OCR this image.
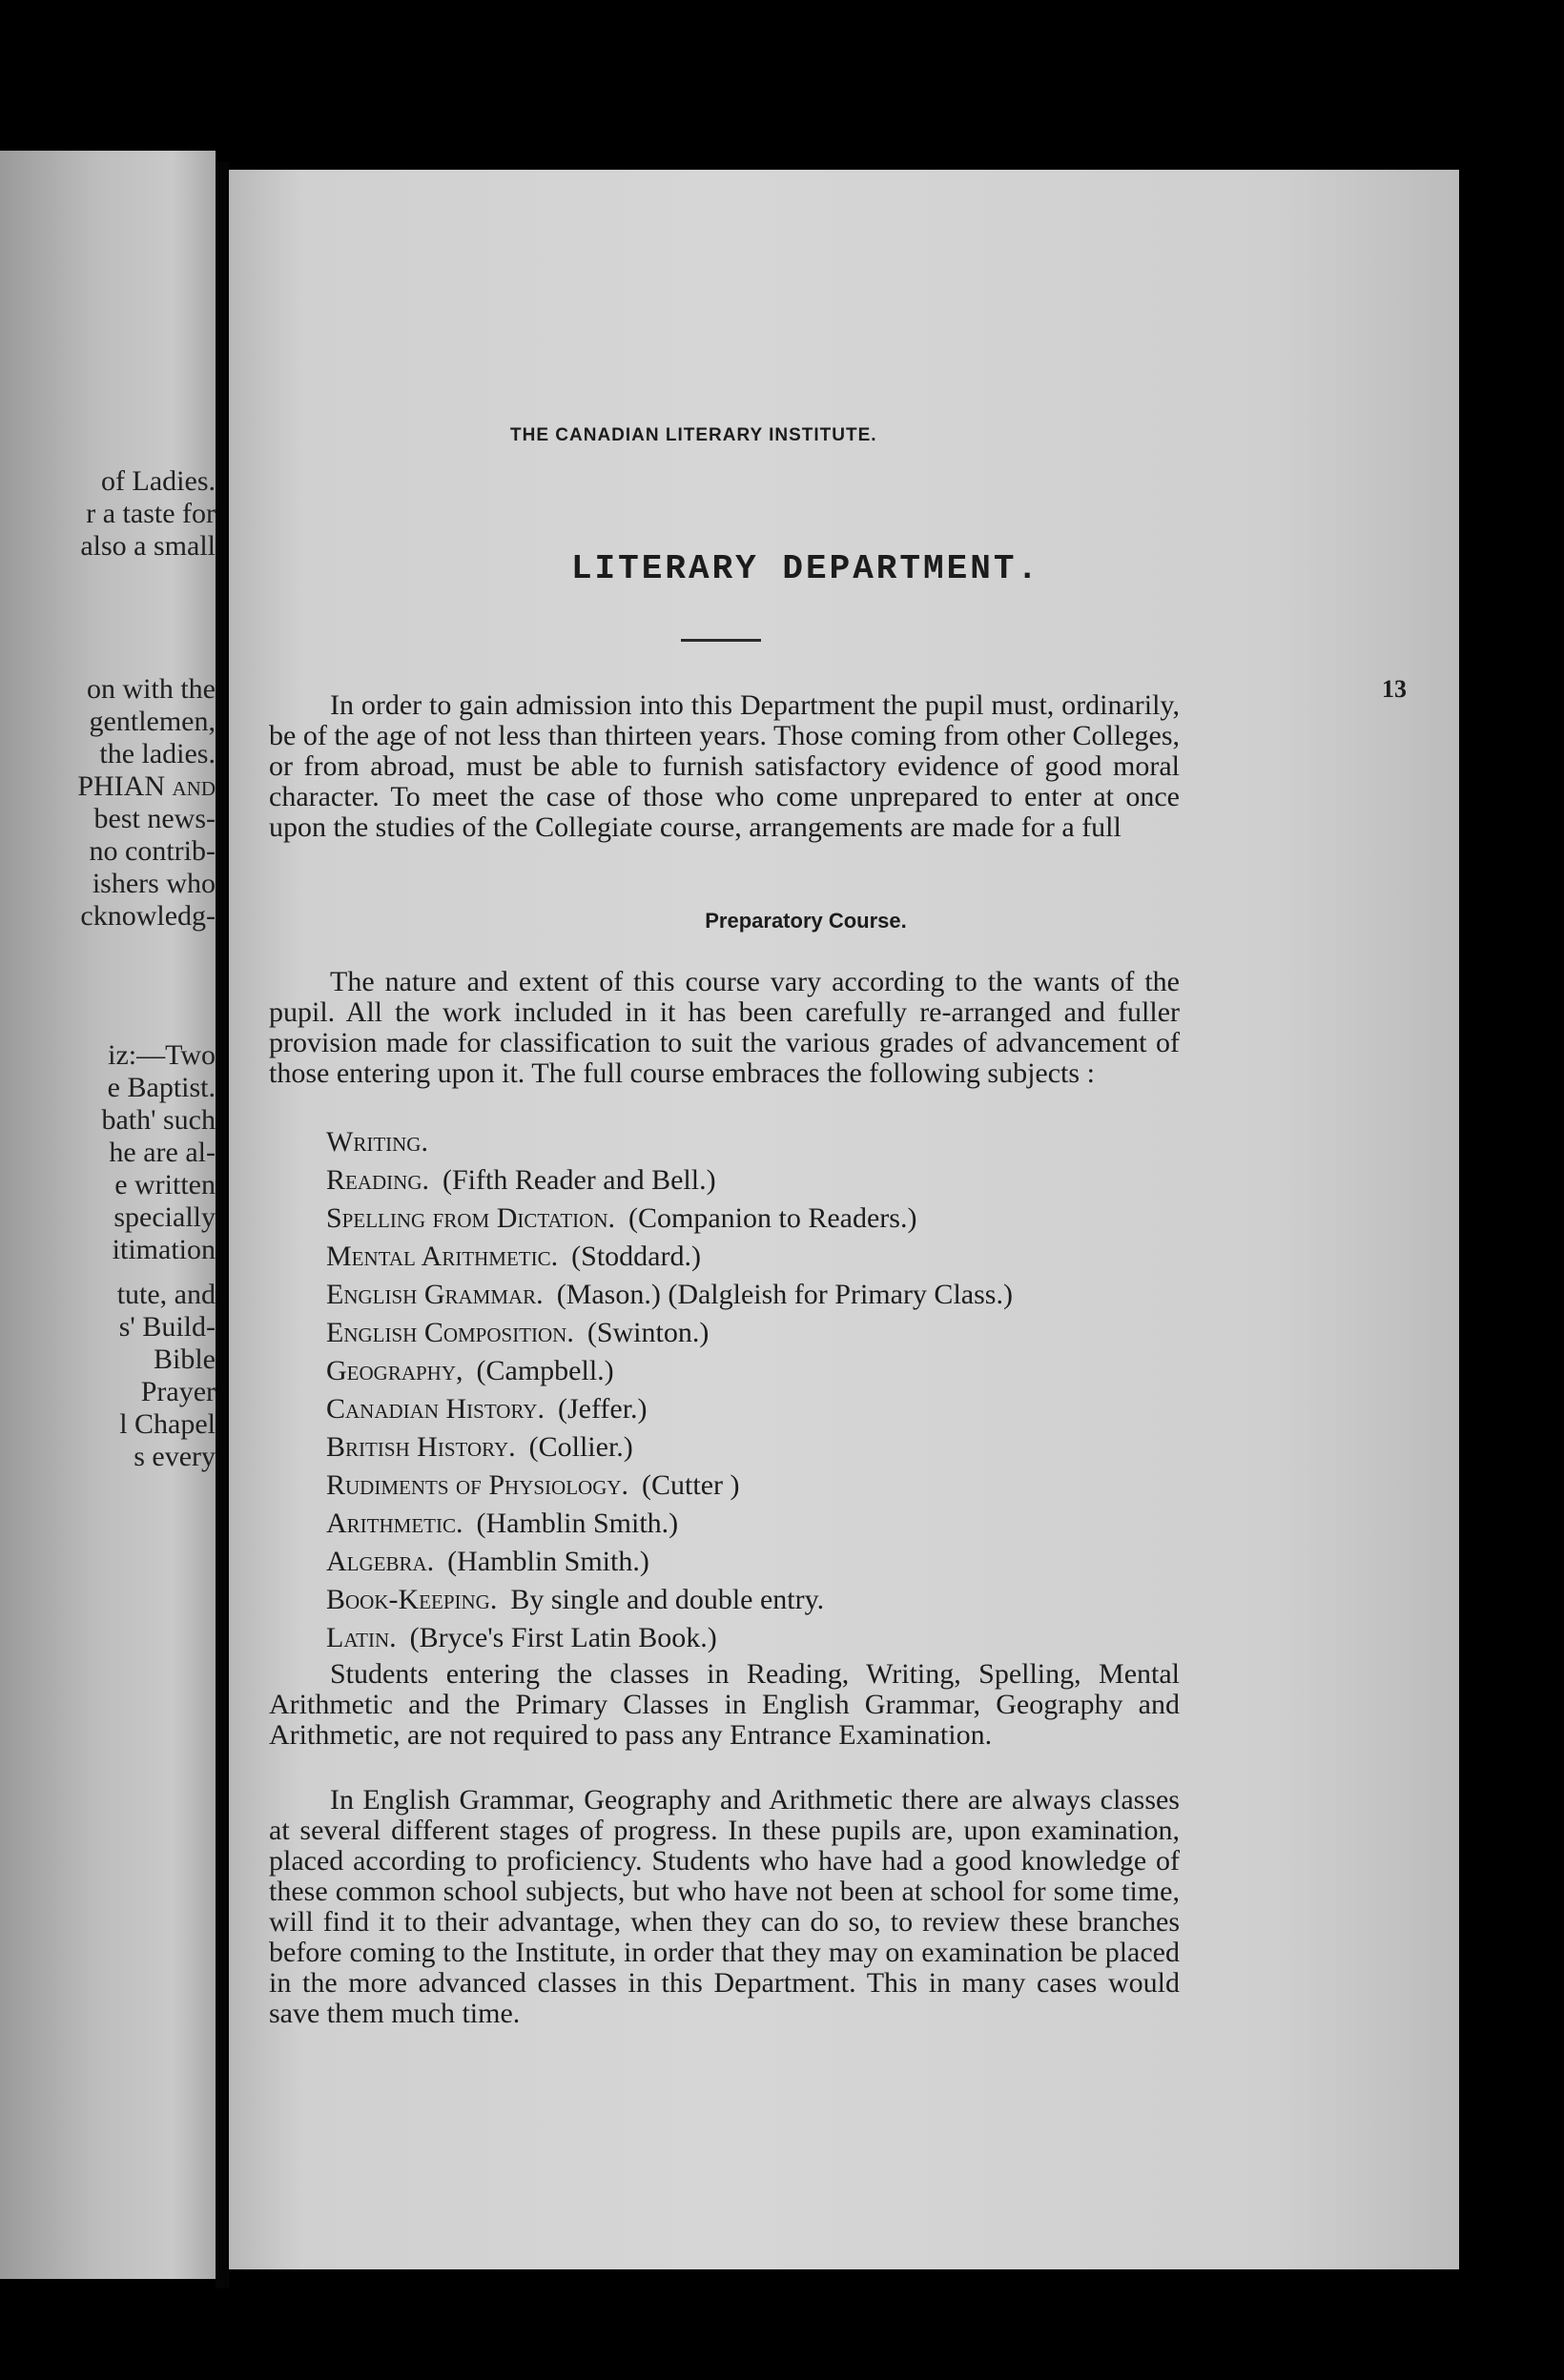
of Ladies.

r a taste for

also a small

on with the

gentlemen,

the ladies.

PHIAN and

best news-

no contrib-

ishers who

cknowledg-

iz:—Two

e Baptist.

bath' such

he are al-

e written

specially

itimation

tute, and

s' Build-

Bible

Prayer

l Chapel

s every

THE CANADIAN LITERARY INSTITUTE.
13
LITERARY DEPARTMENT.

In order to gain admission into this Department the pupil must, ordinarily, be of the age of not less than thirteen years. Those coming from other Colleges, or from abroad, must be able to furnish satisfactory evidence of good moral character. To meet the case of those who come unprepared to enter at once upon the studies of the Collegiate course, arrangements are made for a full

Preparatory Course.

The nature and extent of this course vary according to the wants of the pupil. All the work included in it has been carefully re-arranged and fuller provision made for classification to suit the various grades of advancement of those entering upon it. The full course embraces the following subjects :

Writing.
Reading. (Fifth Reader and Bell.)
Spelling from Dictation. (Companion to Readers.)
Mental Arithmetic. (Stoddard.)
English Grammar. (Mason.) (Dalgleish for Primary Class.)
English Composition. (Swinton.)
Geography, (Campbell.)
Canadian History. (Jeffer.)
British History. (Collier.)
Rudiments of Physiology. (Cutter )
Arithmetic. (Hamblin Smith.)
Algebra. (Hamblin Smith.)
Book-Keeping. By single and double entry.
Latin. (Bryce's First Latin Book.)

Students entering the classes in Reading, Writing, Spelling, Mental Arithmetic and the Primary Classes in English Grammar, Geography and Arithmetic, are not required to pass any Entrance Examination.

In English Grammar, Geography and Arithmetic there are always classes at several different stages of progress. In these pupils are, upon examination, placed according to proficiency. Students who have had a good knowledge of these common school subjects, but who have not been at school for some time, will find it to their advantage, when they can do so, to review these branches before coming to the Institute, in order that they may on examination be placed in the more advanced classes in this Department. This in many cases would save them much time.
